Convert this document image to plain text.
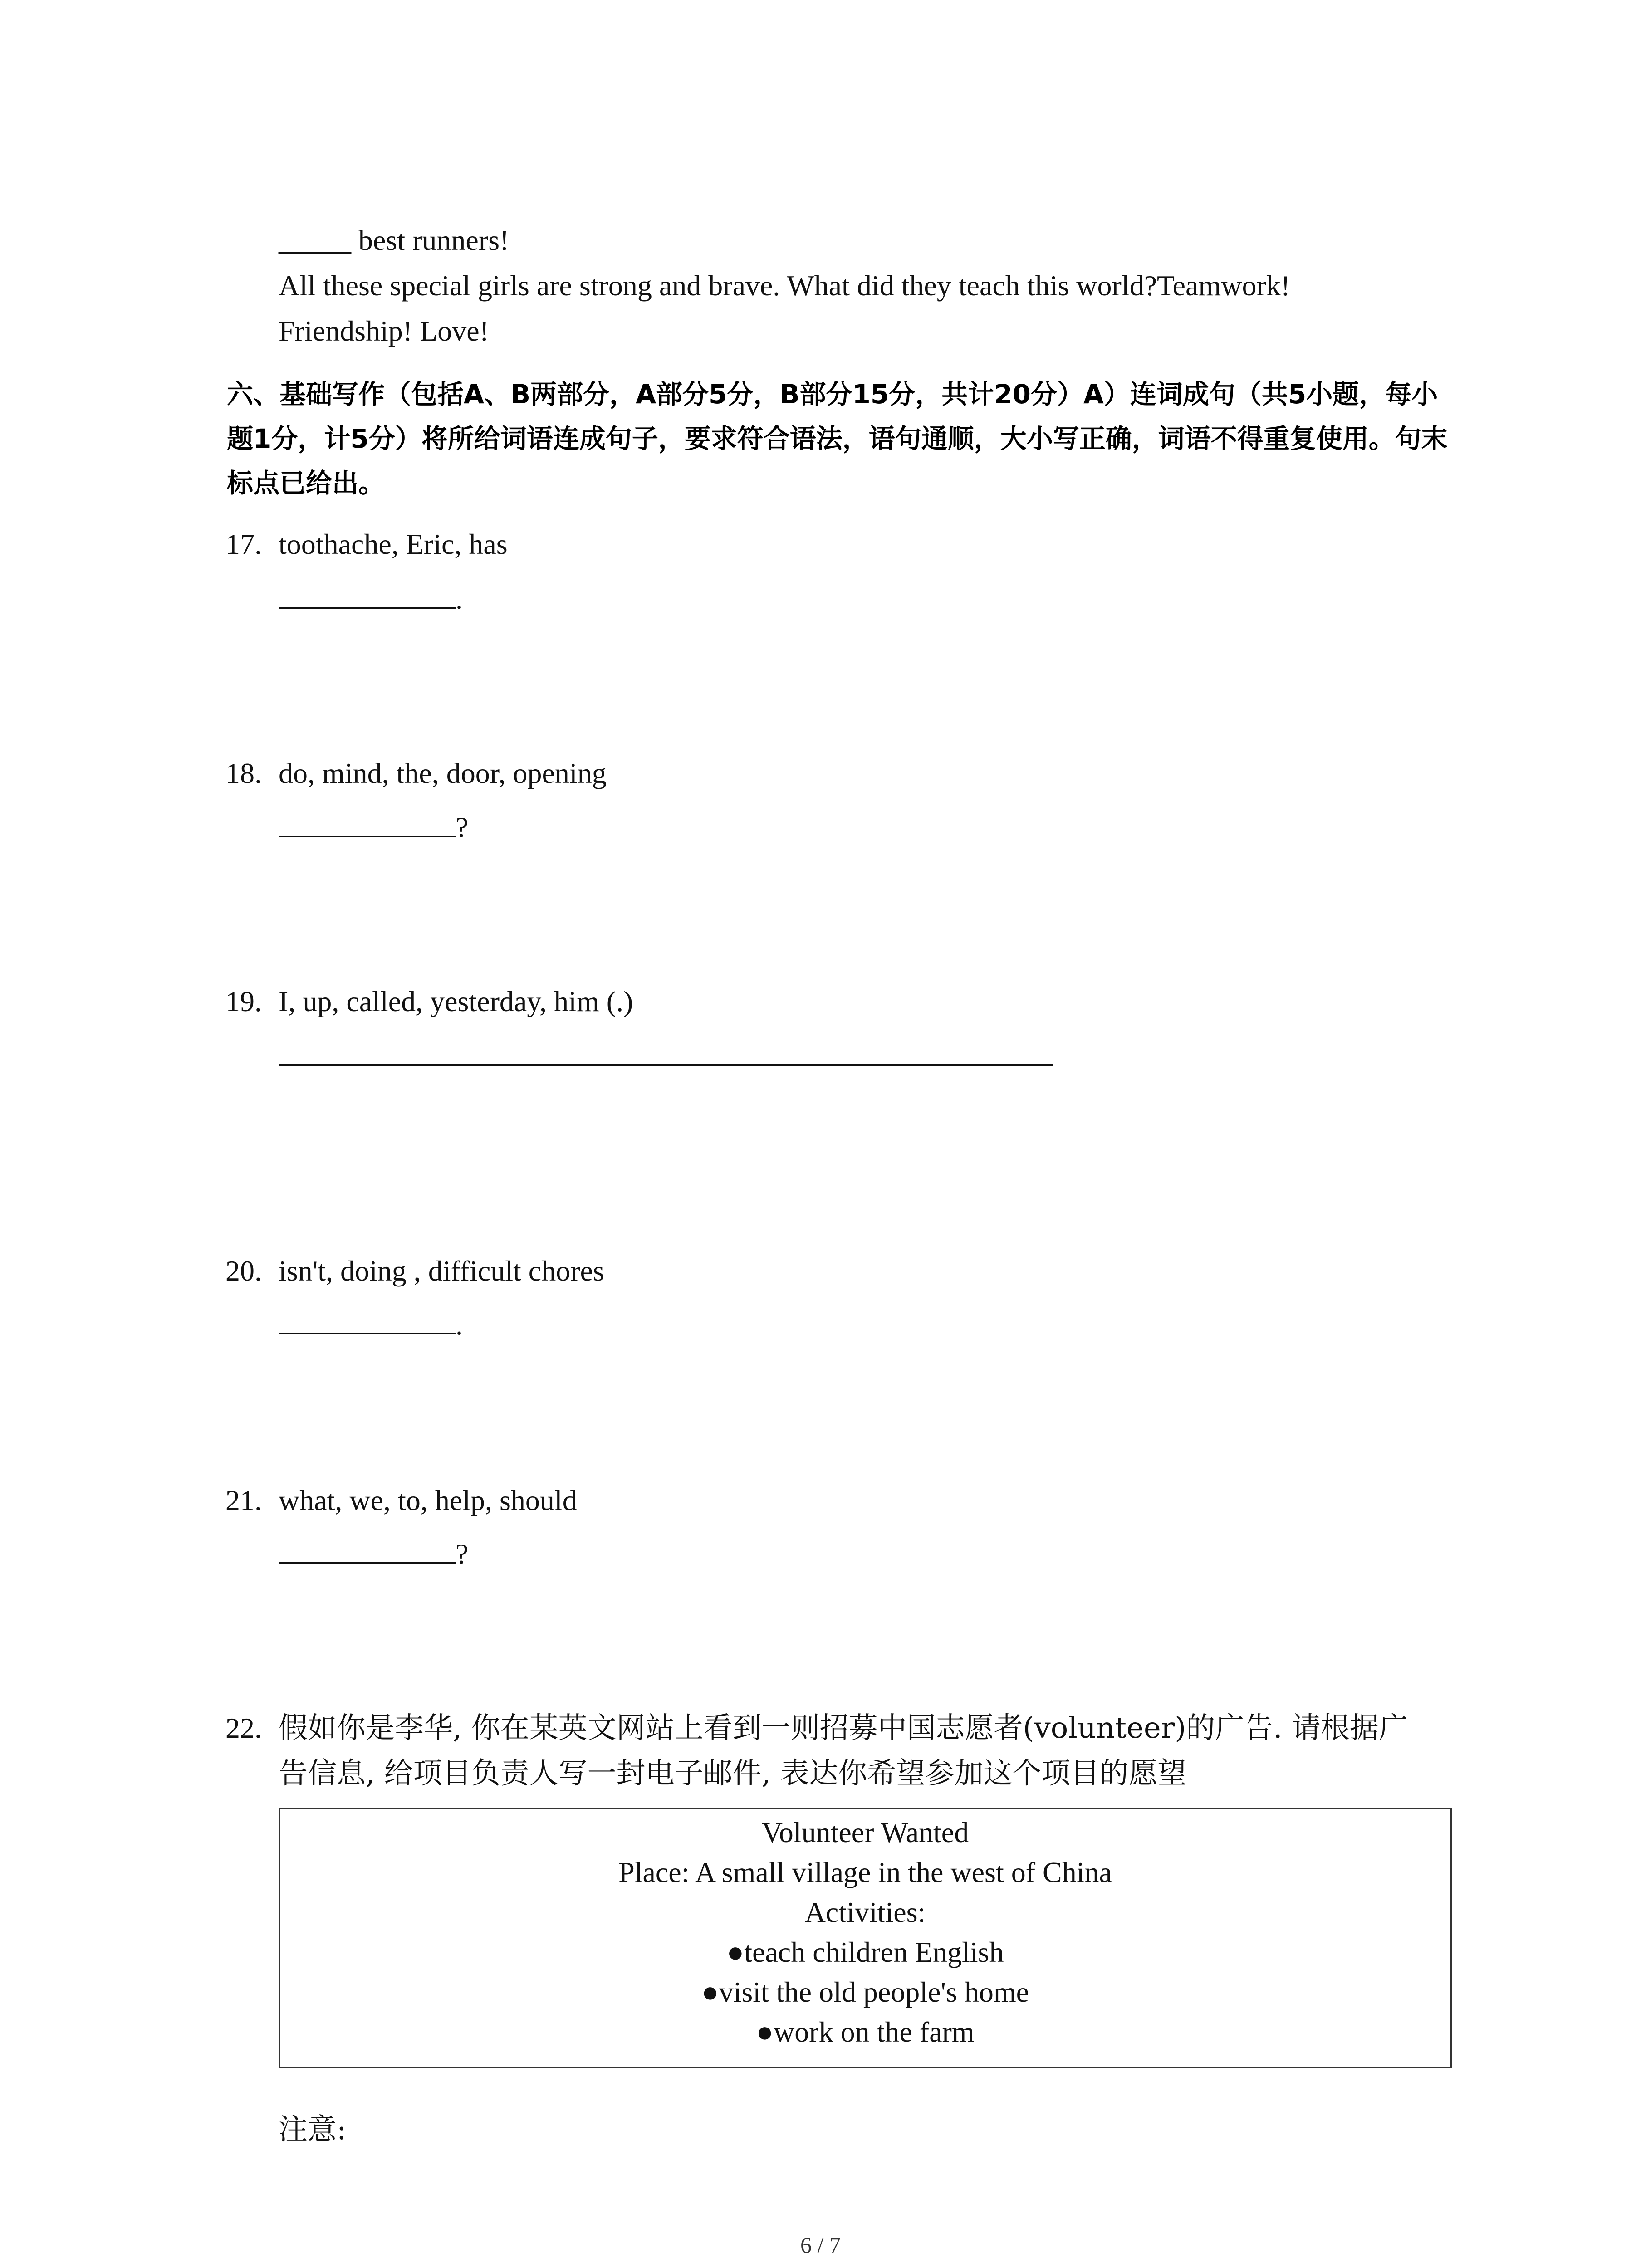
_____ best runners!
All these special girls are strong and brave. What did they teach this world?Teamwork!
Friendship! Love!
六、基础写作（包括A、B两部分，A部分5分，B部分15分，共计20分）A）连词成句（共5小题，每小题1分，计5分）将所给词语连成句子，要求符合语法，语句通顺，大小写正确，词语不得重复使用。句末标点已给出。
17. toothache, Eric, has
.
18. do, mind, the, door, opening
?
19. I, up, called, yesterday, him (.)
20. isn't, doing , difficult chores
.
21. what, we, to, help, should
?
22. 假如你是李华, 你在某英文网站上看到一则招募中国志愿者(volunteer)的广告. 请根据广
告信息, 给项目负责人写一封电子邮件, 表达你希望参加这个项目的愿望
Volunteer Wanted
Place: A small village in the west of China
Activities:
●teach children English
●visit the old people's home
●work on the farm
注意:
6 / 7
